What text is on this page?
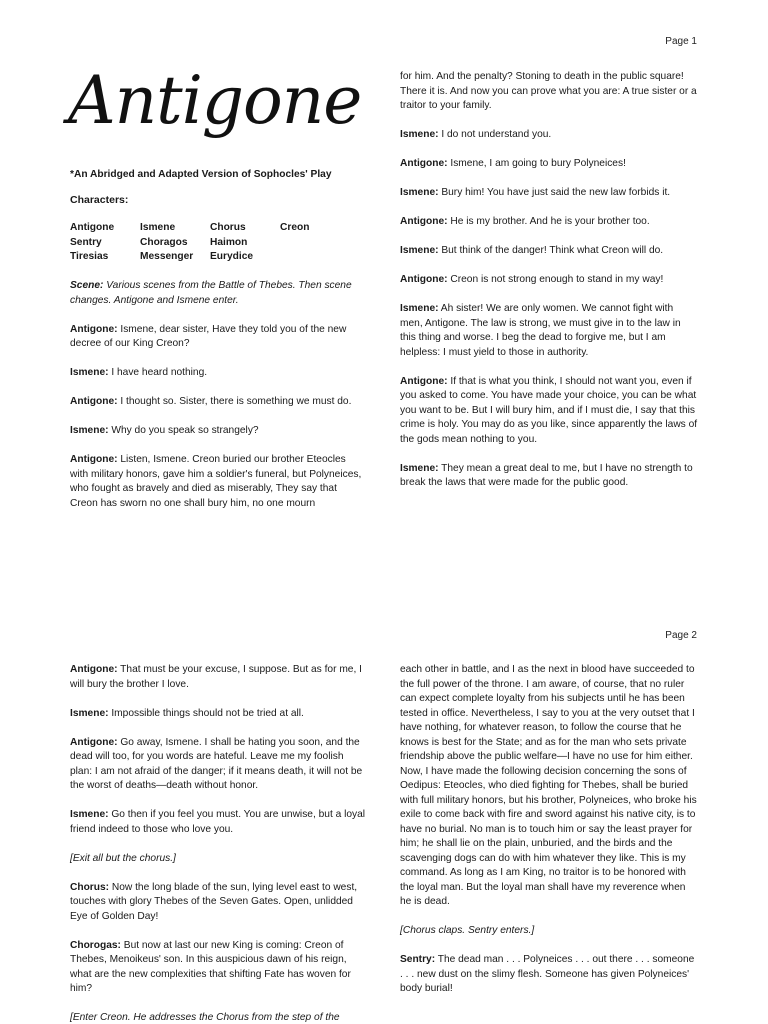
Page 1
Antigone
*An Abridged and Adapted Version of Sophocles' Play
Characters:
Antigone	Ismene	Chorus	Creon
Sentry	Choragos	Haimon
Tiresias	Messenger	Eurydice

Scene: Various scenes from the Battle of Thebes. Then scene changes. Antigone and Ismene enter.

Antigone: Ismene, dear sister, Have they told you of the new decree of our King Creon?

Ismene: I have heard nothing.

Antigone: I thought so. Sister, there is something we must do.

Ismene: Why do you speak so strangely?

Antigone: Listen, Ismene. Creon buried our brother Eteocles with military honors, gave him a soldier's funeral, but Polyneices, who fought as bravely and died as miserably, They say that Creon has sworn no one shall bury him, no one mourn

for him. And the penalty? Stoning to death in the public square! There it is. And now you can prove what you are: A true sister or a traitor to your family.

Ismene: I do not understand you.

Antigone: Ismene, I am going to bury Polyneices!

Ismene: Bury him! You have just said the new law forbids it.

Antigone: He is my brother. And he is your brother too.

Ismene: But think of the danger! Think what Creon will do.

Antigone: Creon is not strong enough to stand in my way!

Ismene: Ah sister! We are only women. We cannot fight with men, Antigone. The law is strong, we must give in to the law in this thing and worse. I beg the dead to forgive me, but I am helpless: I must yield to those in authority.

Antigone: If that is what you think, I should not want you, even if you asked to come. You have made your choice, you can be what you want to be. But I will bury him, and if I must die, I say that this crime is holy. You may do as you like, since apparently the laws of the gods mean nothing to you.

Ismene: They mean a great deal to me, but I have no strength to break the laws that were made for the public good.

Page 2

Antigone: That must be your excuse, I suppose. But as for me, I will bury the brother I love.

Ismene: Impossible things should not be tried at all.

Antigone: Go away, Ismene. I shall be hating you soon, and the dead will too, for you words are hateful. Leave me my foolish plan: I am not afraid of the danger; if it means death, it will not be the worst of deaths—death without honor.

Ismene: Go then if you feel you must. You are unwise, but a loyal friend indeed to those who love you.

[Exit all but the chorus.]

Chorus: Now the long blade of the sun, lying level east to west, touches with glory Thebes of the Seven Gates. Open, unlidded Eye of Golden Day!

Chorogas: But now at last our new King is coming: Creon of Thebes, Menoikeus' son. In this auspicious dawn of his reign, what are the new complexities that shifting Fate has woven for him?

[Enter Creon. He addresses the Chorus from the step of the

each other in battle, and I as the next in blood have succeeded to the full power of the throne. I am aware, of course, that no ruler can expect complete loyalty from his subjects until he has been tested in office. Nevertheless, I say to you at the very outset that I have nothing, for whatever reason, to follow the course that he knows is best for the State; and as for the man who sets private friendship above the public welfare—I have no use for him either. Now, I have made the following decision concerning the sons of Oedipus: Eteocles, who died fighting for Thebes, shall be buried with full military honors, but his brother, Polyneices, who broke his exile to come back with fire and sword against his native city, is to have no burial. No man is to touch him or say the least prayer for him; he shall lie on the plain, unburied, and the birds and the scavenging dogs can do with him whatever they like. This is my command. As long as I am King, no traitor is to be honored with the loyal man. But the loyal man shall have my reverence when he is dead.

[Chorus claps. Sentry enters.]

Sentry: The dead man . . . Polyneices . . . out there . . . someone . . . new dust on the slimy flesh. Someone has given Polyneices' body burial!
